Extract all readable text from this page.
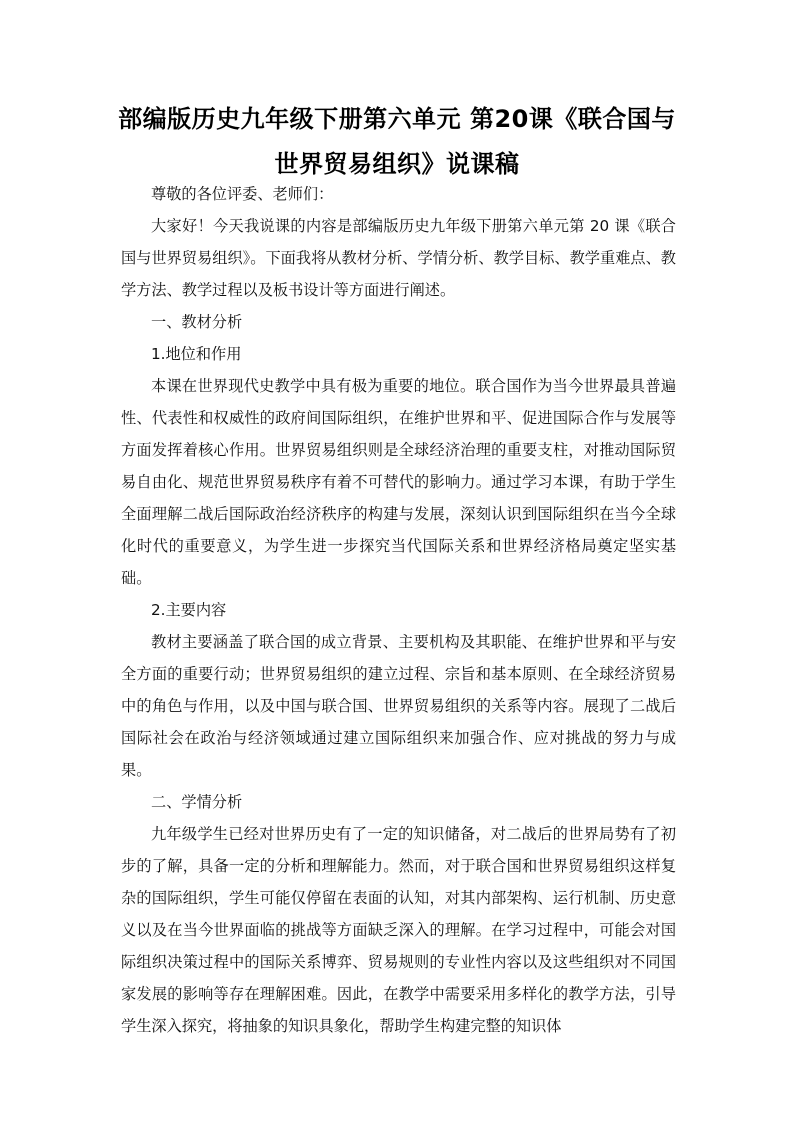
部编版历史九年级下册第六单元 第20课《联合国与
世界贸易组织》说课稿

尊敬的各位评委、老师们：

大家好！今天我说课的内容是部编版历史九年级下册第六单元第 20 课《联合国与世界贸易组织》。下面我将从教材分析、学情分析、教学目标、教学重难点、教学方法、教学过程以及板书设计等方面进行阐述。

一、教材分析

1.地位和作用

本课在世界现代史教学中具有极为重要的地位。联合国作为当今世界最具普遍性、代表性和权威性的政府间国际组织，在维护世界和平、促进国际合作与发展等方面发挥着核心作用。世界贸易组织则是全球经济治理的重要支柱，对推动国际贸易自由化、规范世界贸易秩序有着不可替代的影响力。通过学习本课，有助于学生全面理解二战后国际政治经济秩序的构建与发展，深刻认识到国际组织在当今全球化时代的重要意义，为学生进一步探究当代国际关系和世界经济格局奠定坚实基础。

2.主要内容

教材主要涵盖了联合国的成立背景、主要机构及其职能、在维护世界和平与安全方面的重要行动；世界贸易组织的建立过程、宗旨和基本原则、在全球经济贸易中的角色与作用，以及中国与联合国、世界贸易组织的关系等内容。展现了二战后国际社会在政治与经济领域通过建立国际组织来加强合作、应对挑战的努力与成果。

二、学情分析

九年级学生已经对世界历史有了一定的知识储备，对二战后的世界局势有了初步的了解，具备一定的分析和理解能力。然而，对于联合国和世界贸易组织这样复杂的国际组织，学生可能仅停留在表面的认知，对其内部架构、运行机制、历史意义以及在当今世界面临的挑战等方面缺乏深入的理解。在学习过程中，可能会对国际组织决策过程中的国际关系博弈、贸易规则的专业性内容以及这些组织对不同国家发展的影响等存在理解困难。因此，在教学中需要采用多样化的教学方法，引导学生深入探究，将抽象的知识具象化，帮助学生构建完整的知识体
